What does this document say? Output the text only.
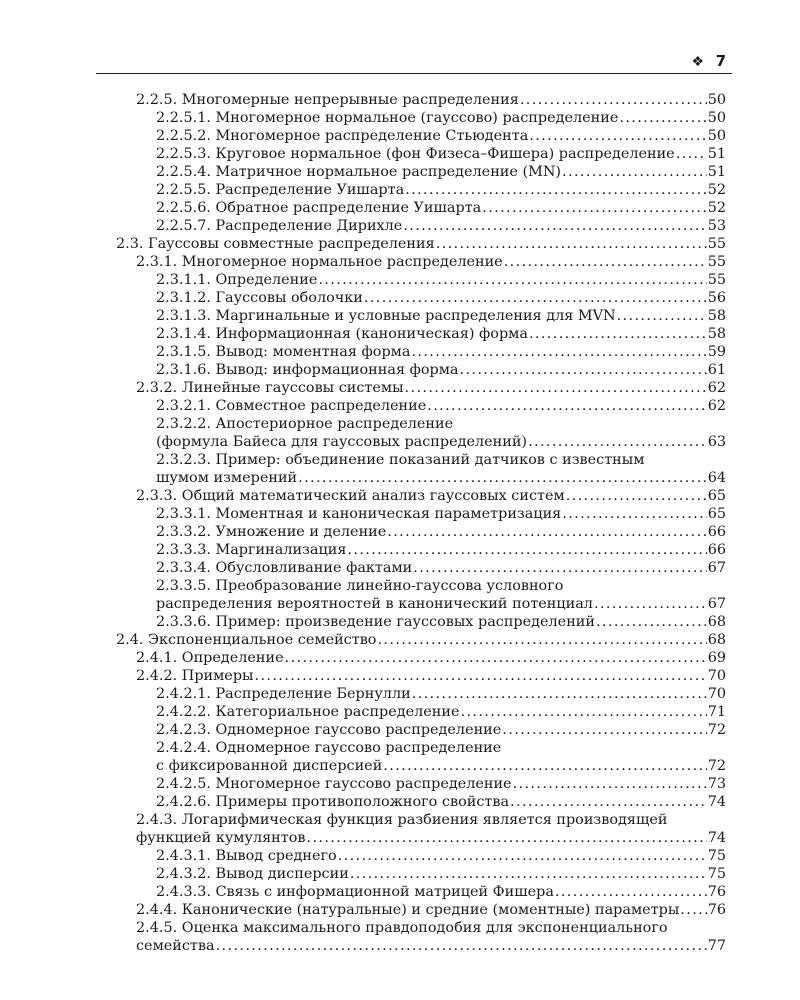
❖ 7
2.2.5. Многомерные непрерывные распределения . . .	50
2.2.5.1. Многомерное нормальное (гауссово) распределение . . .	50
2.2.5.2. Многомерное распределение Стьюдента . . .	50
2.2.5.3. Круговое нормальное (фон Физеса–Фишера) распределение . . . 51
2.2.5.4. Матричное нормальное распределение (MN) . . .	51
2.2.5.5. Распределение Уишарта . . .	52
2.2.5.6. Обратное распределение Уишарта . . .	52
2.2.5.7. Распределение Дирихле . . .	53
2.3. Гауссовы совместные распределения . . .	55
2.3.1. Многомерное нормальное распределение . . .	55
2.3.1.1. Определение . . .	55
2.3.1.2. Гауссовы оболочки . . .	56
2.3.1.3. Маргинальные и условные распределения для MVN . . .	58
2.3.1.4. Информационная (каноническая) форма . . .	58
2.3.1.5. Вывод: моментная форма . . .	59
2.3.1.6. Вывод: информационная форма . . .	61
2.3.2. Линейные гауссовы системы . . .	62
2.3.2.1. Совместное распределение . . .	62
2.3.2.2. Апостериорное распределение
(формула Байеса для гауссовых распределений) . . .	63
2.3.2.3. Пример: объединение показаний датчиков с известным
шумом измерений . . .	64
2.3.3. Общий математический анализ гауссовых систем . . .	65
2.3.3.1. Моментная и каноническая параметризация . . .	65
2.3.3.2. Умножение и деление . . .	66
2.3.3.3. Маргинализация . . .	66
2.3.3.4. Обусловливание фактами . . .	67
2.3.3.5. Преобразование линейно-гауссова условного
распределения вероятностей в канонический потенциал . . .	67
2.3.3.6. Пример: произведение гауссовых распределений . . .	68
2.4. Экспоненциальное семейство . . .	68
2.4.1. Определение . . .	69
2.4.2. Примеры . . .	70
2.4.2.1. Распределение Бернулли . . .	70
2.4.2.2. Категориальное распределение . . .	71
2.4.2.3. Одномерное гауссово распределение . . .	72
2.4.2.4. Одномерное гауссово распределение
с фиксированной дисперсией . . .	72
2.4.2.5. Многомерное гауссово распределение . . .	73
2.4.2.6. Примеры противоположного свойства . . .	74
2.4.3. Логарифмическая функция разбиения является производящей
функцией кумулянтов . . .	74
2.4.3.1. Вывод среднего . . .	75
2.4.3.2. Вывод дисперсии . . .	75
2.4.3.3. Связь с информационной матрицей Фишера . . .	76
2.4.4. Канонические (натуральные) и средние (моментные) параметры . . . 76
2.4.5. Оценка максимального правдоподобия для экспоненциального
семейства . . .	77
